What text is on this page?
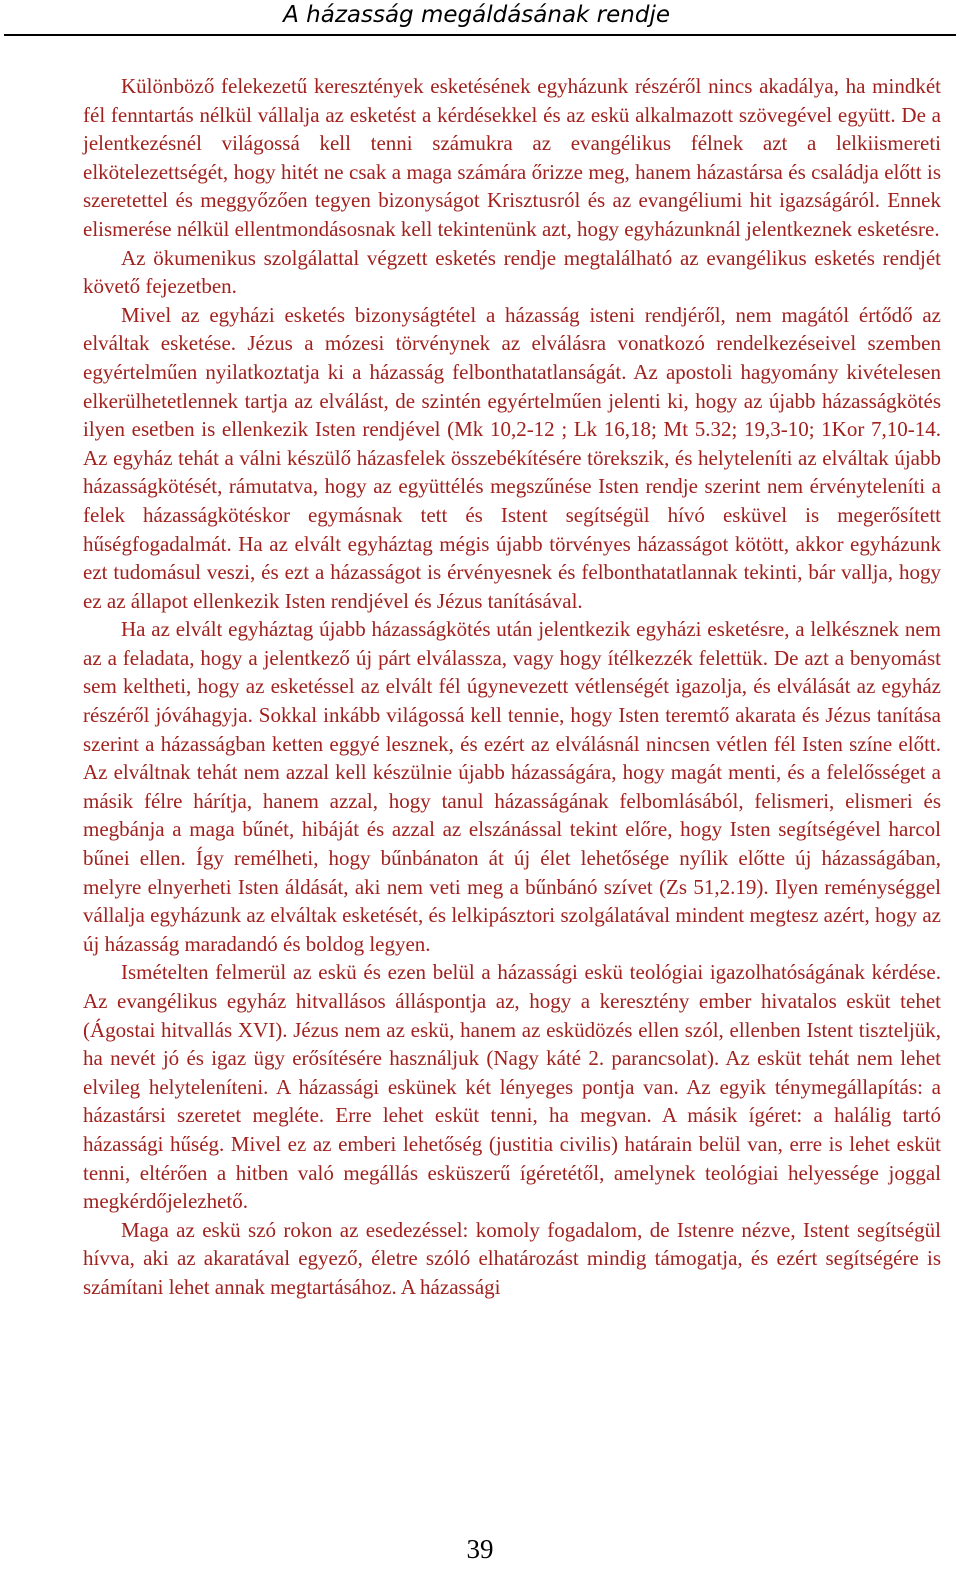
A házasság megáldásának rendje

Különböző felekezetű keresztények esketésének egyházunk részéről nincs akadálya, ha mindkét fél fenntartás nélkül vállalja az esketést a kérdésekkel és az eskü alkalmazott szövegével együtt. De a jelentkezésnél világossá kell tenni számukra az evangélikus félnek azt a lelkiismereti elkötelezettségét, hogy hitét ne csak a maga számára őrizze meg, hanem házastársa és családja előtt is szeretettel és meggyőzően tegyen bizonyságot Krisztusról és az evangéliumi hit igazságáról. Ennek elismerése nélkül ellentmondásosnak kell tekintenünk azt, hogy egyházunknál jelentkeznek esketésre.

Az ökumenikus szolgálattal végzett esketés rendje megtalálható az evangélikus esketés rendjét követő fejezetben.

Mivel az egyházi esketés bizonyságtétel a házasság isteni rendjéről, nem magától értődő az elváltak esketése. Jézus a mózesi törvénynek az elválásra vonatkozó rendelkezéseivel szemben egyértelműen nyilatkoztatja ki a házasság felbonthatatlanságát. Az apostoli hagyomány kivételesen elkerülhetetlennek tartja az elválást, de szintén egyértelműen jelenti ki, hogy az újabb házasságkötés ilyen esetben is ellenkezik Isten rendjével (Mk 10,2-12 ; Lk 16,18; Mt 5.32; 19,3-10; 1Kor 7,10-14. Az egyház tehát a válni készülő házasfelek összebékítésére törekszik, és helyteleníti az elváltak újabb házasságkötését, rámutatva, hogy az együttélés megszűnése Isten rendje szerint nem érvényteleníti a felek házasságkötéskor egymásnak tett és Istent segítségül hívó esküvel is megerősített hűségfogadalmát. Ha az elvált egyháztag mégis újabb törvényes házasságot kötött, akkor egyházunk ezt tudomásul veszi, és ezt a házasságot is érvényesnek és felbonthatatlannak tekinti, bár vallja, hogy ez az állapot ellenkezik Isten rendjével és Jézus tanításával.

Ha az elvált egyháztag újabb házasságkötés után jelentkezik egyházi esketésre, a lelkésznek nem az a feladata, hogy a jelentkező új párt elválassza, vagy hogy ítélkezzék felettük. De azt a benyomást sem keltheti, hogy az esketéssel az elvált fél úgynevezett vétlenségét igazolja, és elválását az egyház részéről jóváhagyja. Sokkal inkább világossá kell tennie, hogy Isten teremtő akarata és Jézus tanítása szerint a házasságban ketten eggyé lesznek, és ezért az elválásnál nincsen vétlen fél Isten színe előtt. Az elváltnak tehát nem azzal kell készülnie újabb házasságára, hogy magát menti, és a felelősséget a másik félre hárítja, hanem azzal, hogy tanul házasságának felbomlásából, felismeri, elismeri és megbánja a maga bűnét, hibáját és azzal az elszánással tekint előre, hogy Isten segítségével harcol bűnei ellen. Így remélheti, hogy bűnbánaton át új élet lehetősége nyílik előtte új házasságában, melyre elnyerheti Isten áldását, aki nem veti meg a bűnbánó szívet (Zs 51,2.19). Ilyen reménységgel vállalja egyházunk az elváltak esketését, és lelkipásztori szolgálatával mindent megtesz azért, hogy az új házasság maradandó és boldog legyen.

Ismételten felmerül az eskü és ezen belül a házassági eskü teológiai igazolhatóságának kérdése. Az evangélikus egyház hitvallásos álláspontja az, hogy a keresztény ember hivatalos esküt tehet (Ágostai hitvallás XVI). Jézus nem az eskü, hanem az esküdözés ellen szól, ellenben Istent tiszteljük, ha nevét jó és igaz ügy erősítésére használjuk (Nagy káté 2. parancsolat). Az esküt tehát nem lehet elvileg helyteleníteni. A házassági eskünek két lényeges pontja van. Az egyik ténymegállapítás: a házastársi szeretet megléte. Erre lehet esküt tenni, ha megvan. A másik ígéret: a halálig tartó házassági hűség. Mivel ez az emberi lehetőség (justitia civilis) határain belül van, erre is lehet esküt tenni, eltérően a hitben való megállás esküszerű ígéretétől, amelynek teológiai helyessége joggal megkérdőjelezhető.

Maga az eskü szó rokon az esedezéssel: komoly fogadalom, de Istenre nézve, Istent segítségül hívva, aki az akaratával egyező, életre szóló elhatározást mindig támogatja, és ezért segítségére is számítani lehet annak megtartásához. A házassági

39
